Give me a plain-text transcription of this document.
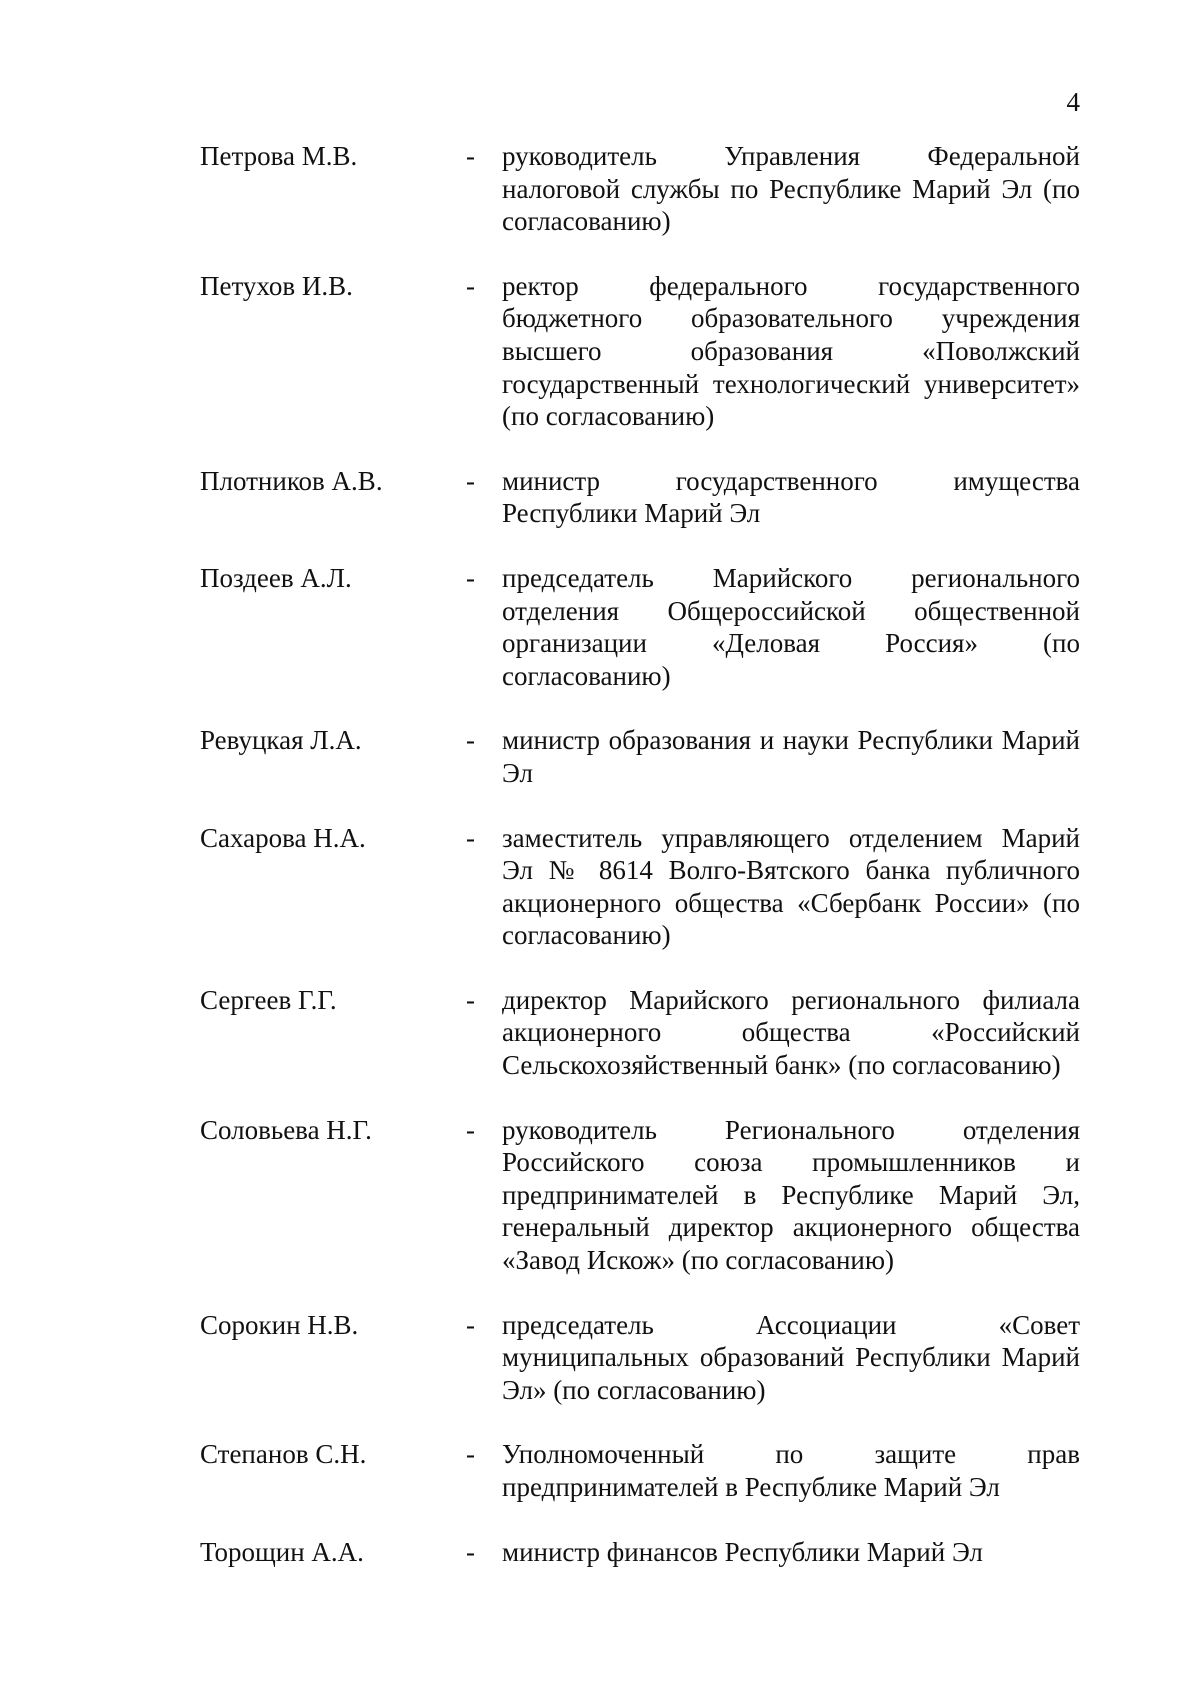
4
Петрова М.В.	-	руководитель Управления Федеральной налоговой службы по Республике Марий Эл (по согласованию)
Петухов И.В.	-	ректор федерального государственного бюджетного образовательного учреждения высшего образования «Поволжский государственный технологический университет» (по согласованию)
Плотников А.В.	-	министр государственного имущества Республики Марий Эл
Поздеев А.Л.	-	председатель Марийского регионального отделения Общероссийской общественной организации «Деловая Россия» (по согласованию)
Ревуцкая Л.А.	-	министр образования и науки Республики Марий Эл
Сахарова Н.А.	-	заместитель управляющего отделением Марий Эл № 8614 Волго-Вятского банка публичного акционерного общества «Сбербанк России» (по согласованию)
Сергеев Г.Г.	-	директор Марийского регионального филиала акционерного общества «Российский Сельскохозяйственный банк» (по согласованию)
Соловьева Н.Г.	-	руководитель Регионального отделения Российского союза промышленников и предпринимателей в Республике Марий Эл, генеральный директор акционерного общества «Завод Искож» (по согласованию)
Сорокин Н.В.	-	председатель Ассоциации «Совет муниципальных образований Республики Марий Эл» (по согласованию)
Степанов С.Н.	-	Уполномоченный по защите прав предпринимателей в Республике Марий Эл
Торощин А.А.	-	министр финансов Республики Марий Эл
